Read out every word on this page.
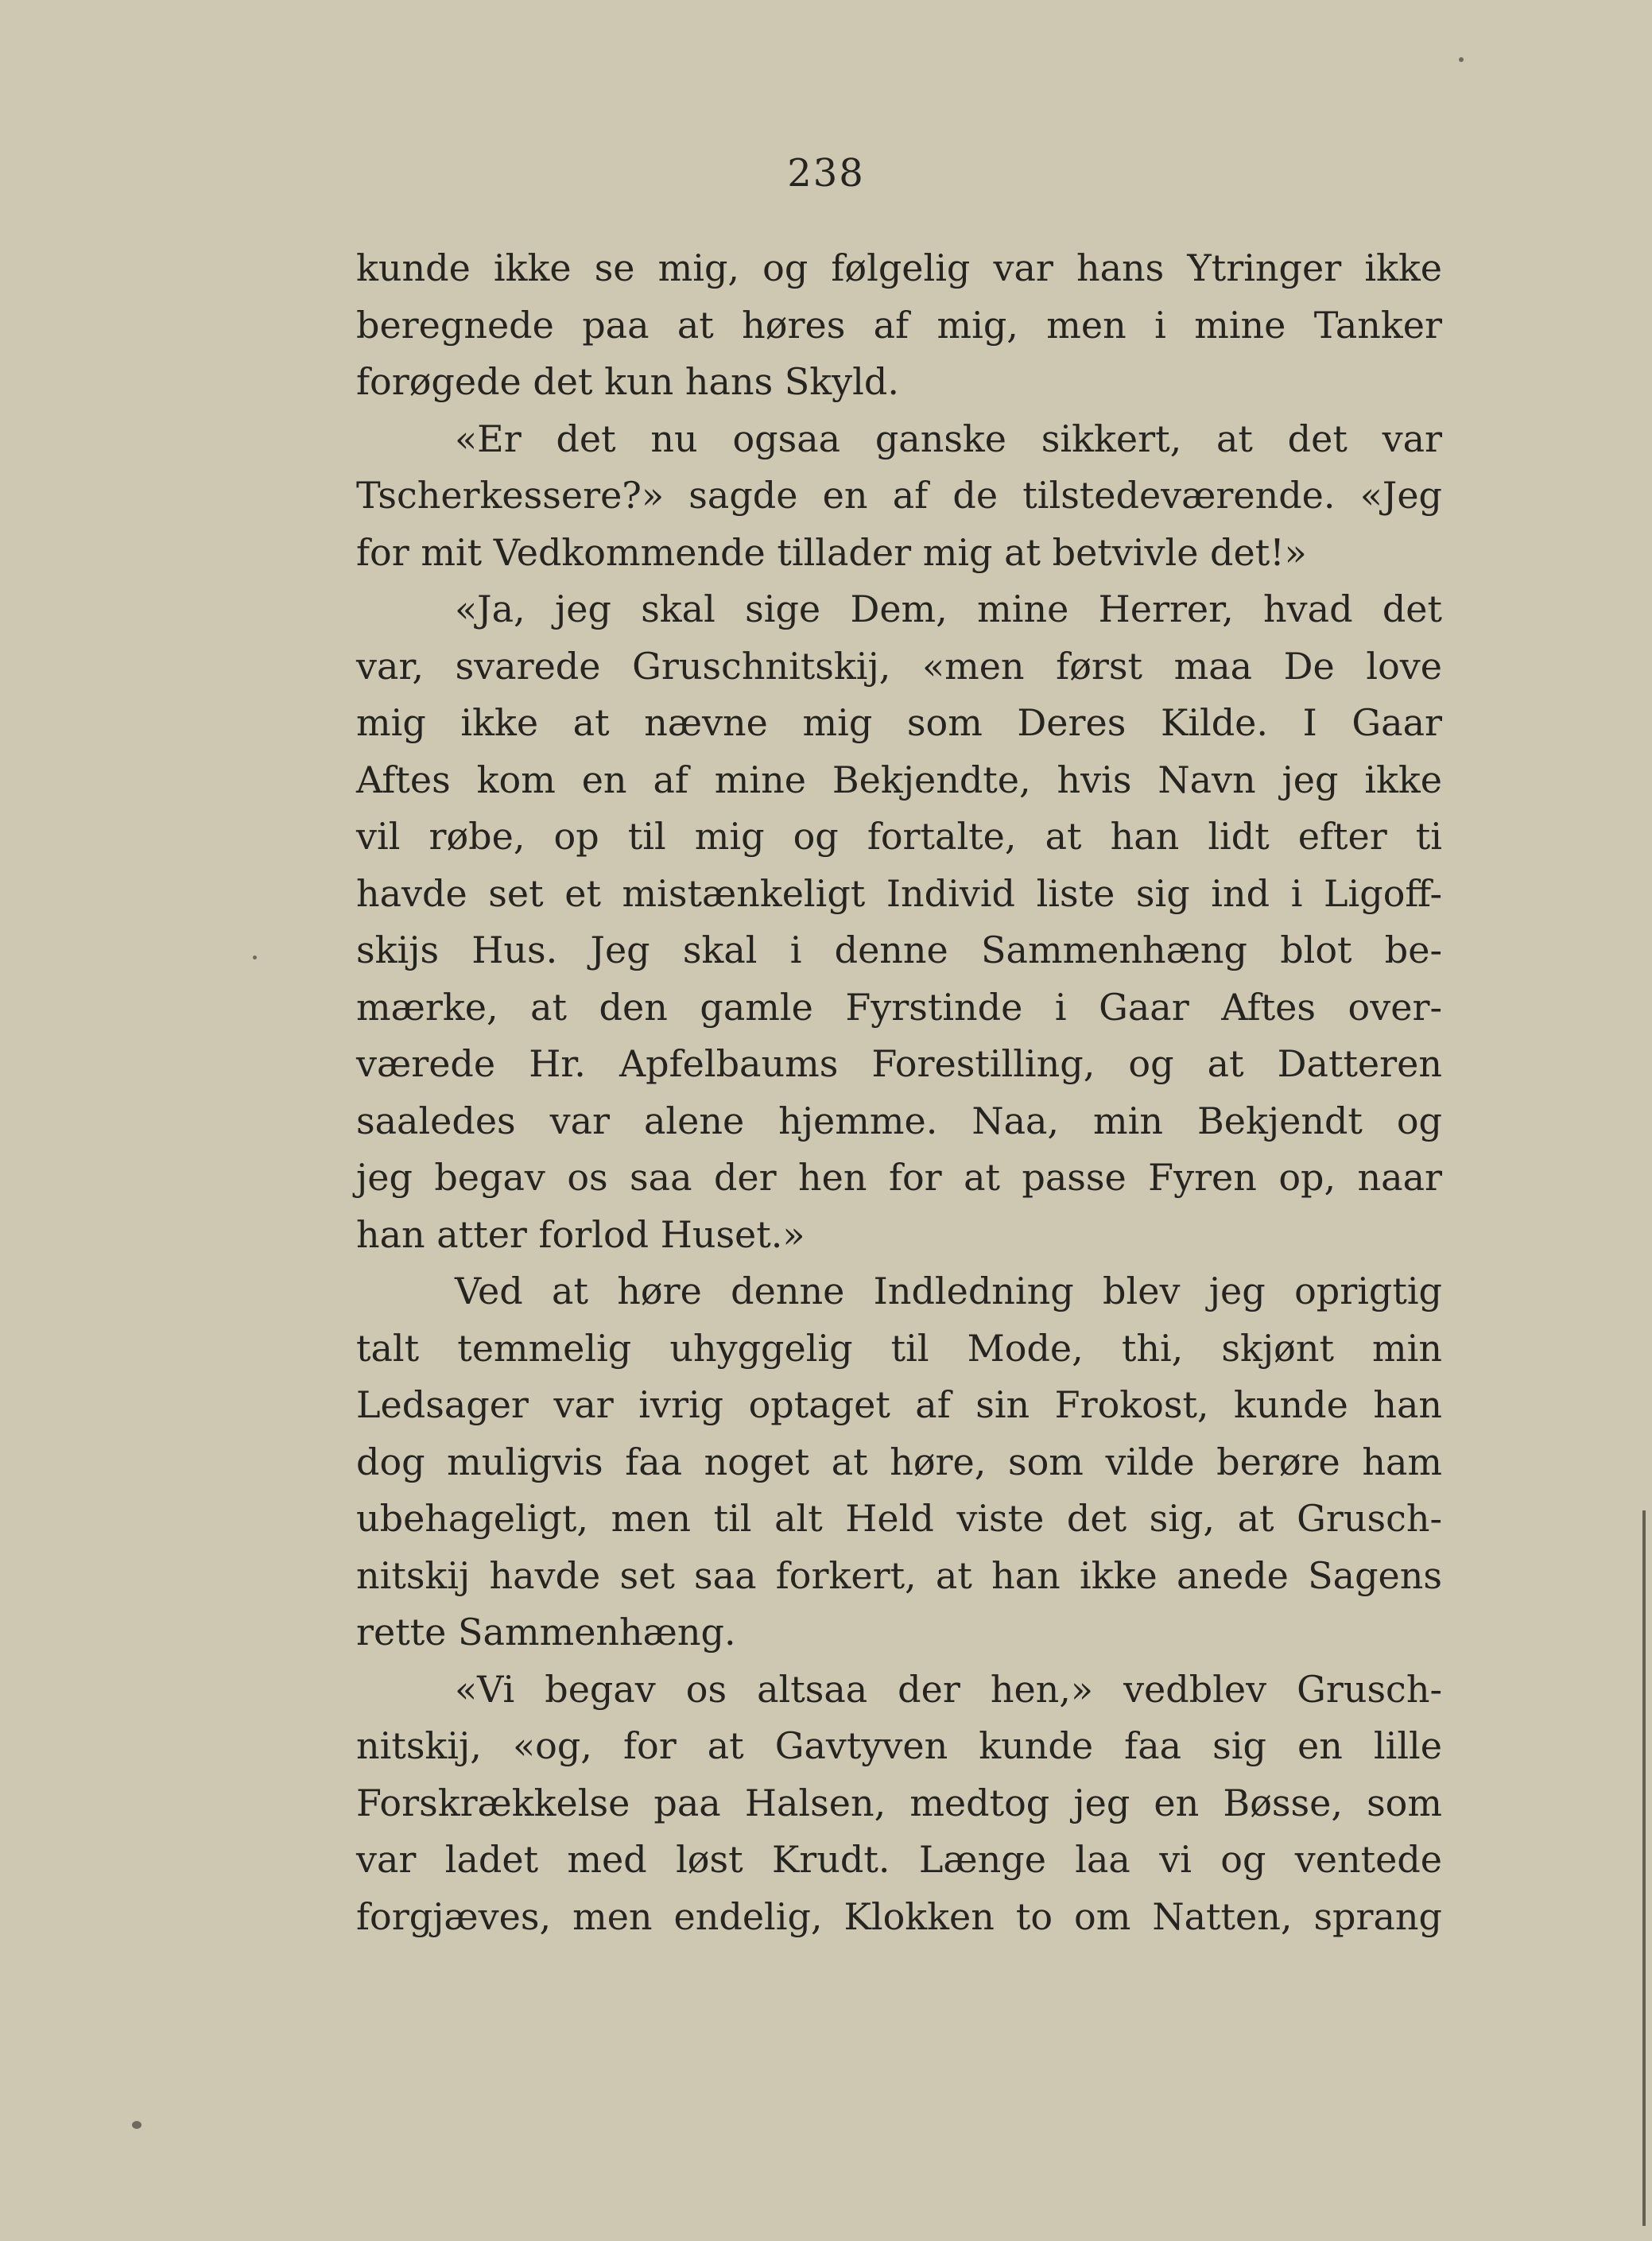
238
kunde ikke se mig, og følgelig var hans Ytringer ikke
beregnede paa at høres af mig, men i mine Tanker
forøgede det kun hans Skyld.
«Er det nu ogsaa ganske sikkert, at det var
Tscherkessere?» sagde en af de tilstedeværende. «Jeg
for mit Vedkommende tillader mig at betvivle det!»
«Ja, jeg skal sige Dem, mine Herrer, hvad det
var, svarede Gruschnitskij, «men først maa De love
mig ikke at nævne mig som Deres Kilde. I Gaar
Aftes kom en af mine Bekjendte, hvis Navn jeg ikke
vil røbe, op til mig og fortalte, at han lidt efter ti
havde set et mistænkeligt Individ liste sig ind i Ligoff-
skijs Hus. Jeg skal i denne Sammenhæng blot be-
mærke, at den gamle Fyrstinde i Gaar Aftes over-
værede Hr. Apfelbaums Forestilling, og at Datteren
saaledes var alene hjemme. Naa, min Bekjendt og
jeg begav os saa der hen for at passe Fyren op, naar
han atter forlod Huset.»
Ved at høre denne Indledning blev jeg oprigtig
talt temmelig uhyggelig til Mode, thi, skjønt min
Ledsager var ivrig optaget af sin Frokost, kunde han
dog muligvis faa noget at høre, som vilde berøre ham
ubehageligt, men til alt Held viste det sig, at Grusch-
nitskij havde set saa forkert, at han ikke anede Sagens
rette Sammenhæng.
«Vi begav os altsaa der hen,» vedblev Grusch-
nitskij, «og, for at Gavtyven kunde faa sig en lille
Forskrækkelse paa Halsen, medtog jeg en Bøsse, som
var ladet med løst Krudt. Længe laa vi og ventede
forgjæves, men endelig, Klokken to om Natten, sprang
